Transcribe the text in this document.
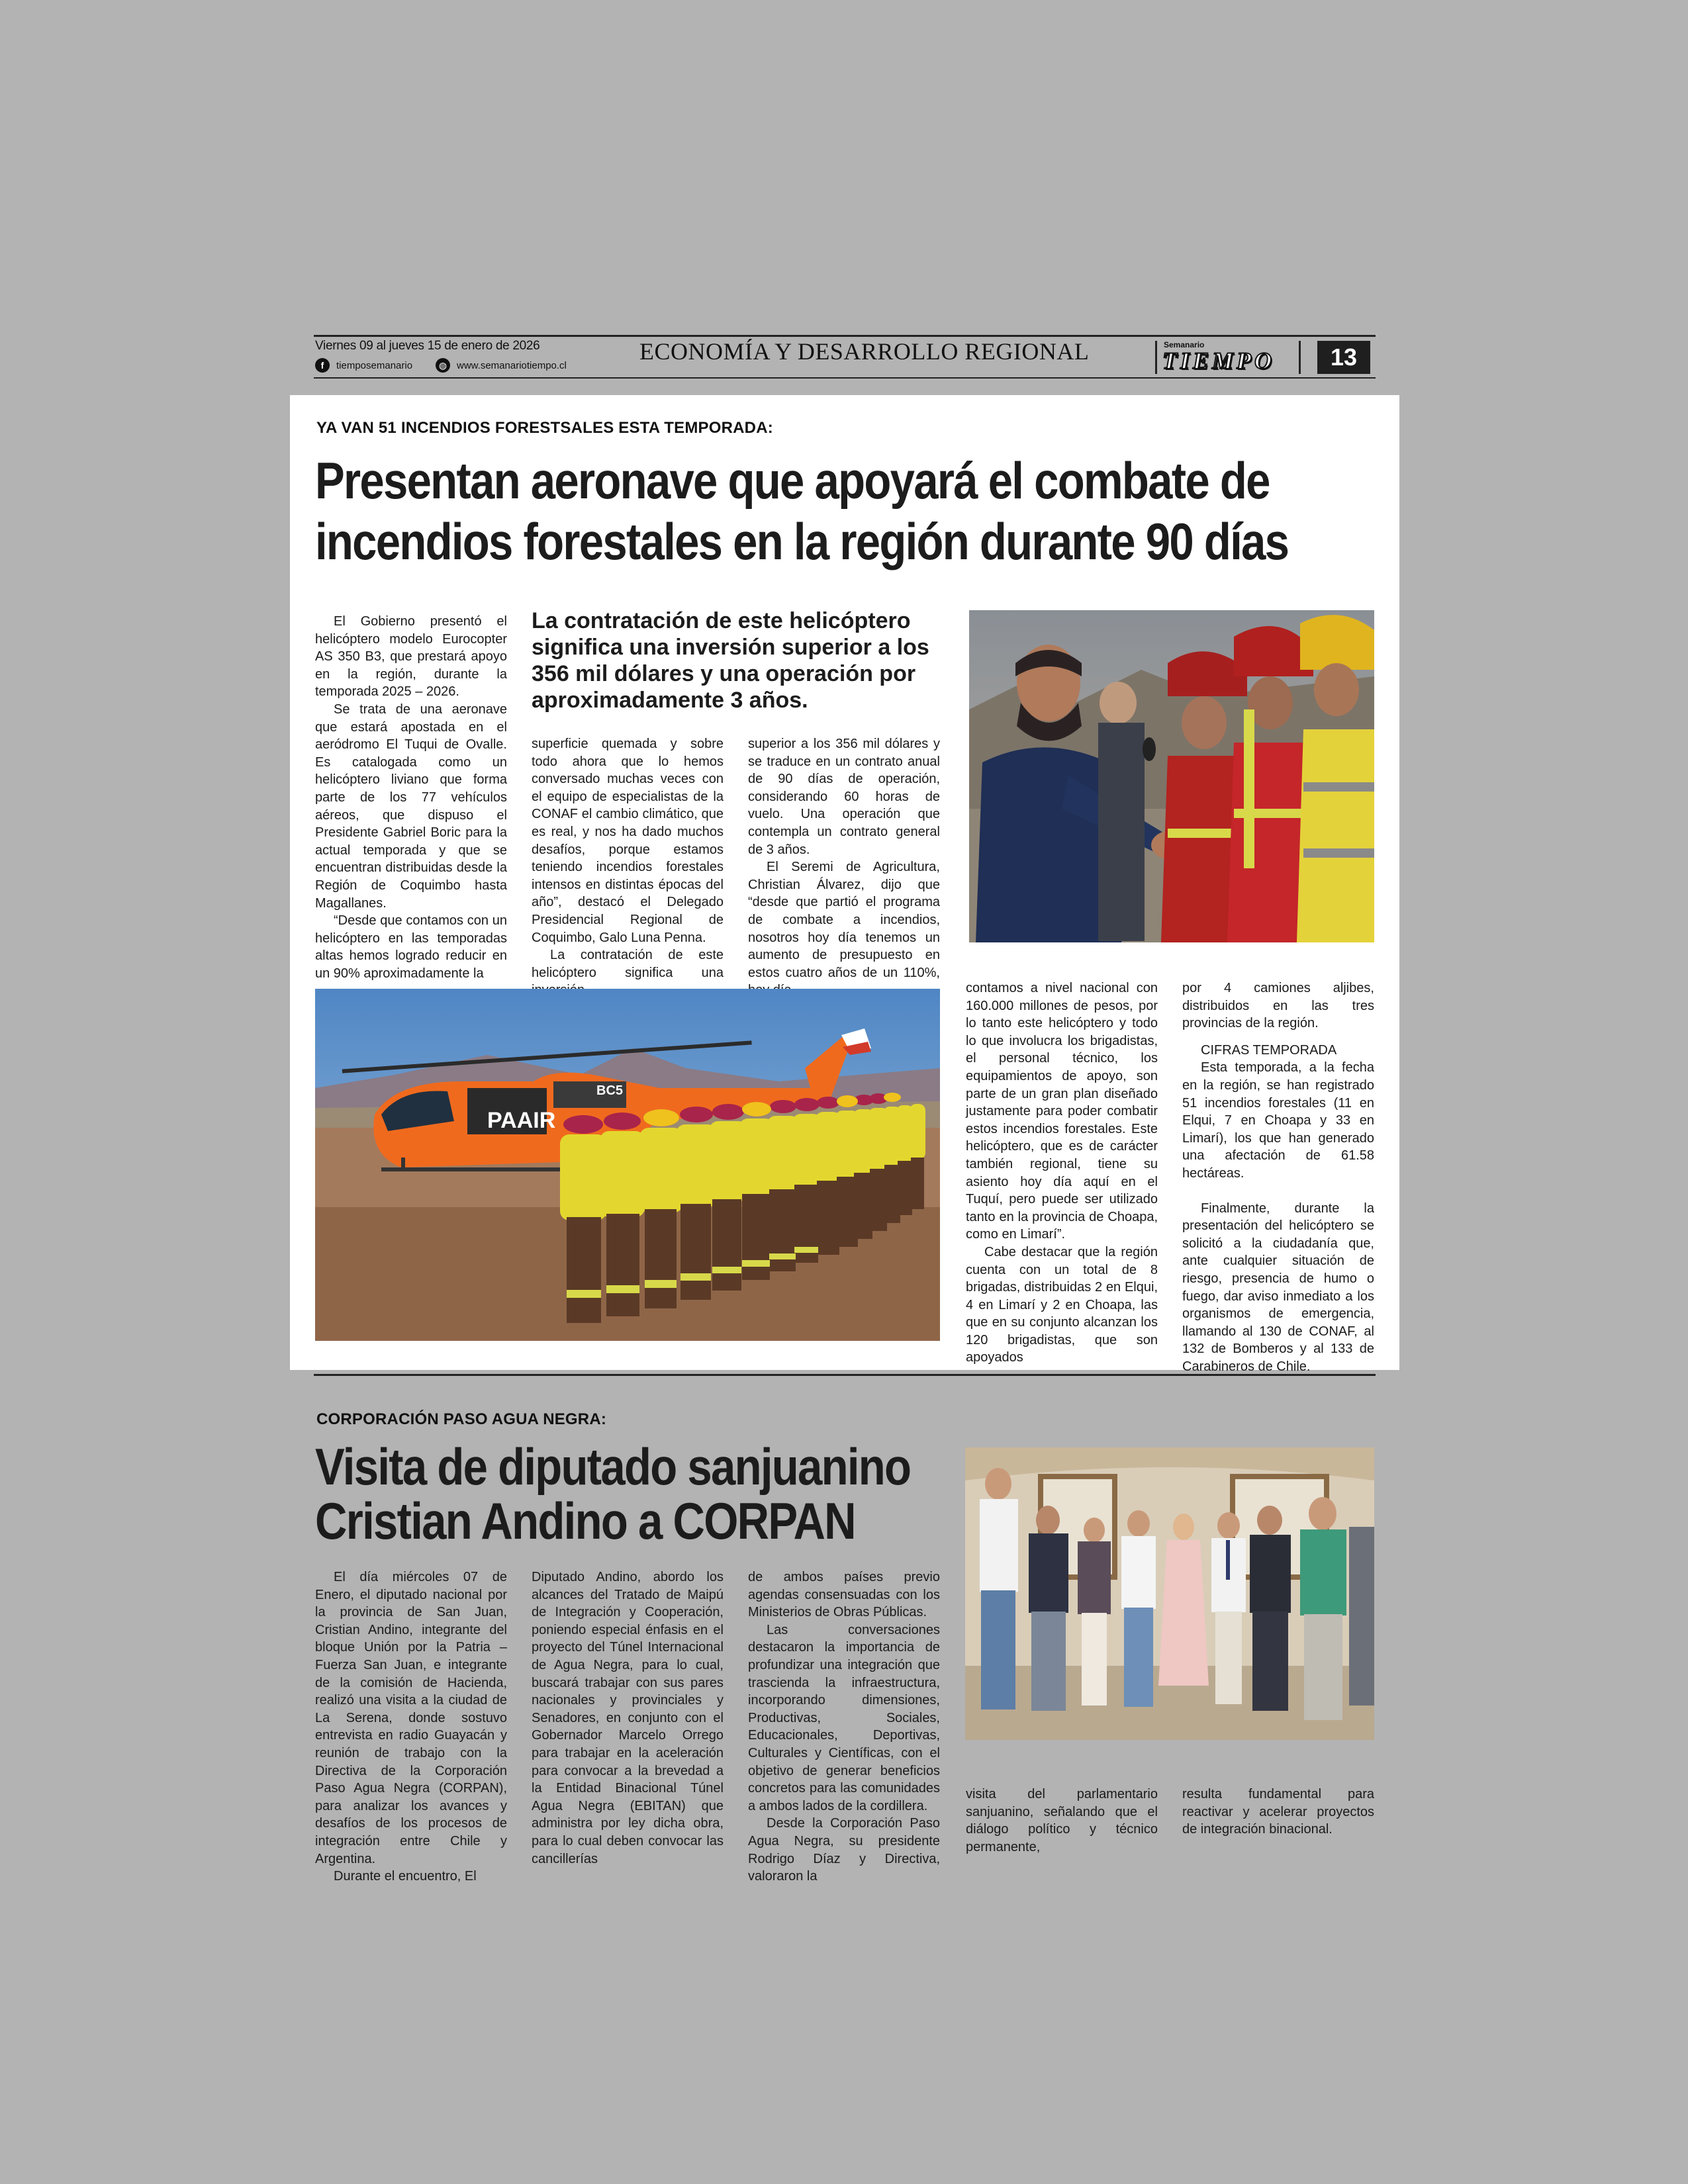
Viernes 09 al jueves 15 de enero de 2026
f	tiemposemanario	◍ www.semanariotiempo.cl
ECONOMÍA Y DESARROLLO REGIONAL	Semanario
TIEMPO	13
YA VAN 51 INCENDIOS FORESTSALES ESTA TEMPORADA:
Presentan aeronave que apoyará el combate de
incendios forestales en la región durante 90 días
La contratación de este helicóptero significa una inversión superior a los 356 mil dólares y una operación por aproximadamente 3 años.

El Gobierno presentó el helicóptero modelo Eurocopter AS 350 B3, que prestará apoyo en la región, durante la temporada 2025 – 2026.

Se trata de una aeronave que estará apostada en el aeródromo El Tuqui de Ovalle. Es catalogada como un helicóptero liviano que forma parte de los 77 vehículos aéreos, que dispuso el Presidente Gabriel Boric para la actual temporada y que se encuentran distribuidas desde la Región de Coquimbo hasta Magallanes.

“Desde que contamos con un helicóptero en las temporadas altas hemos logrado reducir en un 90% aproximadamente la

superficie quemada y sobre todo ahora que lo hemos conversado muchas veces con el equipo de especialistas de la CONAF el cambio climático, que es real, y nos ha dado muchos desafíos, porque estamos teniendo incendios forestales intensos en distintas épocas del año”, destacó el Delegado Presidencial Regional de Coquimbo, Galo Luna Penna.

La contratación de este helicóptero significa una

superior a los 356 mil dólares y se traduce en un contrato anual de 90 días de operación, considerando 60 horas de vuelo. Una operación que contempla un contrato general de 3 años.

El Seremi de Agricultura, Christian Álvarez, dijo que “desde que partió el programa de combate a incendios, nosotros hoy día tenemos un aumento de presupuesto en estos cuatro años de un 110%,

contamos a nivel nacional con 160.000 millones de pesos, por lo tanto este helicóptero y todo lo que involucra los brigadistas, el personal técnico, los equipamientos de apoyo, son parte de un gran plan diseñado justamente para poder combatir estos incendios forestales. Este helicóptero, que es de carácter también regional, tiene su asiento hoy día aquí en el Tuquí, pero puede ser utilizado tanto en la provincia de Choapa, como en Limarí”.

Cabe destacar que la región cuenta con un total de 8 brigadas, distribuidas 2 en Elqui, 4 en Limarí y 2 en Choapa, las que en su conjunto alcanzan los 120 brigadistas, que son apoyados

por 4 camiones aljibes, distribuidos en las tres provincias de la región.

CIFRAS TEMPORADA

Esta temporada, a la fecha en la región, se han registrado 51 incendios forestales (11 en Elqui, 7 en Choapa y 33 en Limarí), los que han generado una afectación de 61.58 hectáreas.

Finalmente, durante la presentación del helicóptero se solicitó a la ciudadanía que, ante cualquier situación de riesgo, presencia de humo o fuego, dar aviso inmediato a los organismos de emergencia, llamando al 130 de CONAF, al 132 de Bomberos y al 133 de Carabineros de Chile.

PAAIR
BC5
CORPORACIÓN PASO AGUA NEGRA:
Visita de diputado sanjuanino
Cristian Andino a CORPAN

El día miércoles 07 de Enero, el diputado nacional por la provincia de San Juan, Cristian Andino, integrante del bloque Unión por la Patria – Fuerza San Juan, e integrante de la comisión de Hacienda, realizó una visita a la ciudad de La Serena, donde sostuvo entrevista en radio Guayacán y reunión de trabajo con la Directiva de la Corporación Paso Agua Negra (CORPAN), para analizar los avances y desafíos de los procesos de integración entre Chile y Argentina.

Durante el encuentro, El

Diputado Andino, abordo los alcances del Tratado de Maipú de Integración y Cooperación, poniendo especial énfasis en el proyecto del Túnel Internacional de Agua Negra, para lo cual, buscará trabajar con sus pares nacionales y provinciales y Senadores, en conjunto con el Gobernador Marcelo Orrego para trabajar en la aceleración para convocar a la brevedad a la Entidad Binacional Túnel Agua Negra (EBITAN) que administra por ley dicha obra, para lo cual deben convocar las cancillerías

de ambos países previo agendas consensuadas con los Ministerios de Obras Públicas.

Las conversaciones destacaron la importancia de profundizar una integración que trascienda la infraestructura, incorporando dimensiones, Productivas, Sociales, Educacionales, Deportivas, Culturales y Científicas, con el objetivo de generar beneficios concretos para las comunidades a ambos lados de la cordillera.

Desde la Corporación Paso Agua Negra, su presidente Rodrigo Díaz y Directiva, valoraron la

visita del parlamentario sanjuanino, señalando que el diálogo político y técnico permanente,

resulta fundamental para reactivar y acelerar proyectos de integración binacional.
